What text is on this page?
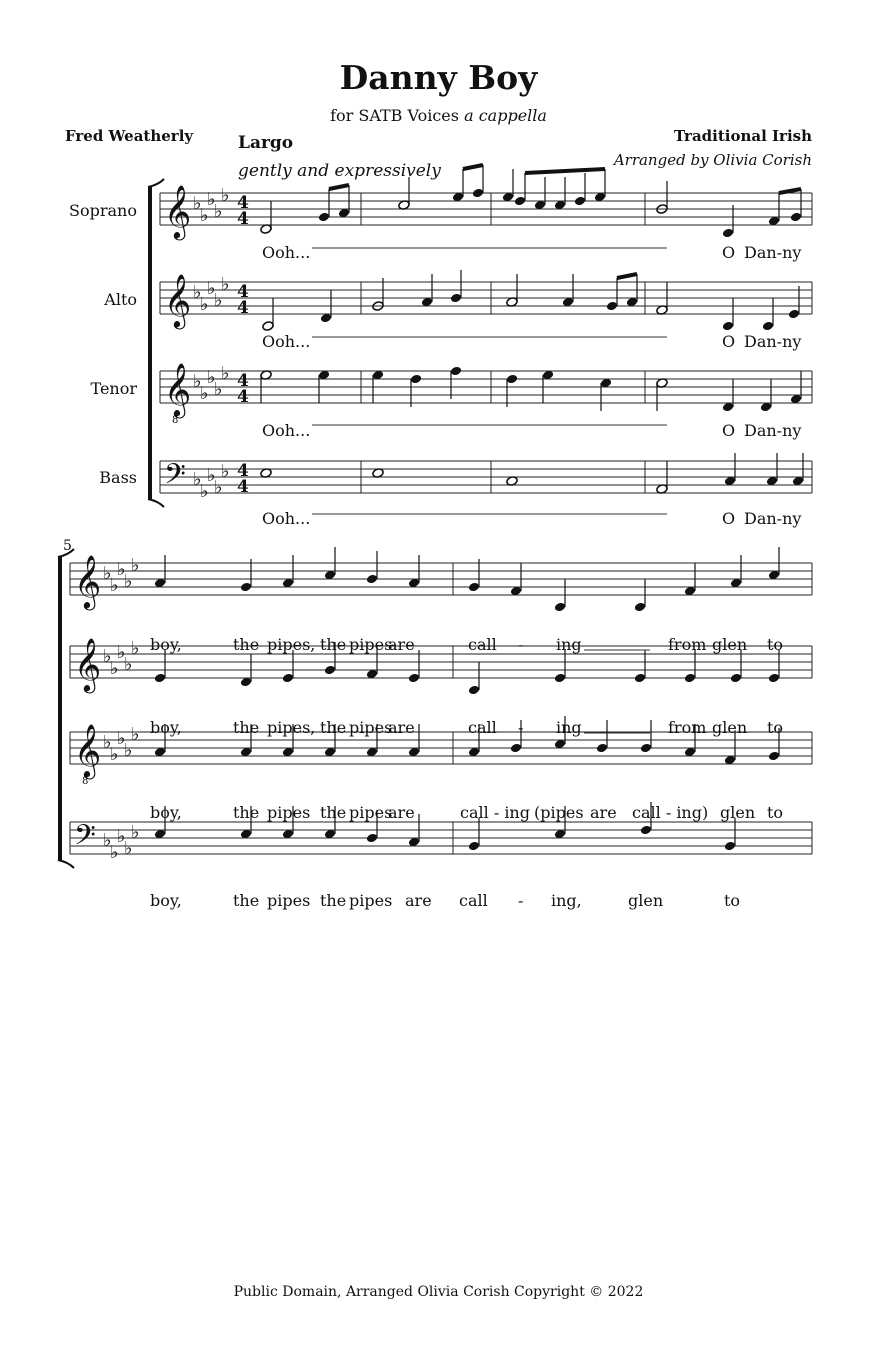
Danny Boy
for SATB Voices a cappella
Fred Weatherly	Traditional Irish
Arranged by Olivia Corish
Largo
gently and expressively
Soprano
Alto
Tenor
Bass
5
𝄞 ♭
♭
♭
♭
♭ 4
4
𝄞 ♭
♭
♭
♭
♭ 4
4
𝄞
8
♭
♭
♭
♭
♭ 4
4
𝄢 ♭
♭
♭
♭
♭ 4
4
𝄞 ♭
♭
♭
♭
♭
𝄞 ♭
♭
♭
♭
♭
𝄞
8
♭
♭
♭
♭
♭
𝄢 ♭
♭
♭
♭
♭
Ooh...	O Dan-ny
Ooh...	O Dan-ny
Ooh...	O Dan-ny
Ooh...	O Dan-ny
boy,	the pipes, the pipes
are	call - ing	from glen to
boy,	the pipes, the pipes
are	call - ing	from glen to
boy,	the pipes the pipes
are	call - ing (pipes are call - ing) glen to
boy,	the pipes the pipes are call - ing,	glen	to
Public Domain, Arranged Olivia Corish Copyright © 2022
